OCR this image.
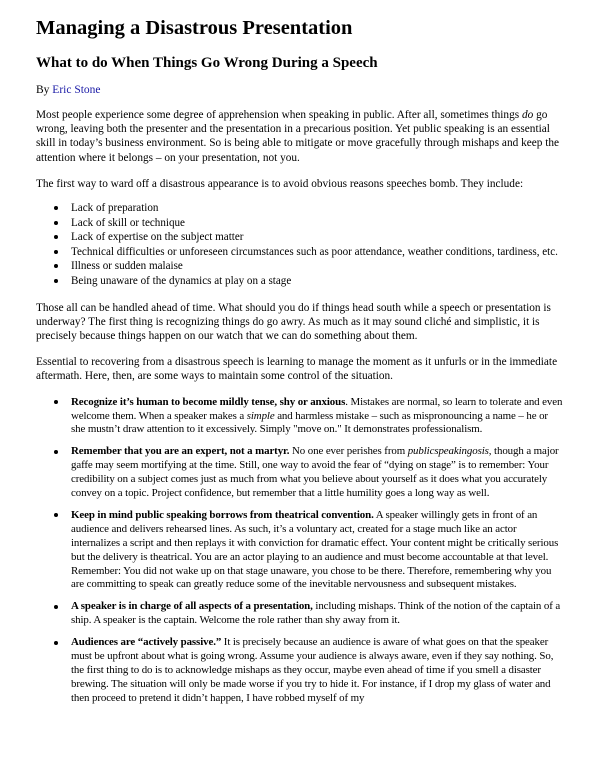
Managing a Disastrous Presentation
What to do When Things Go Wrong During a Speech
By Eric Stone

Most people experience some degree of apprehension when speaking in public. After all, sometimes things do go wrong, leaving both the presenter and the presentation in a precarious position. Yet public speaking is an essential skill in today’s business environment. So is being able to mitigate or move gracefully through mishaps and keep the attention where it belongs – on your presentation, not you.

The first way to ward off a disastrous appearance is to avoid obvious reasons speeches bomb. They include:

Lack of preparation
Lack of skill or technique
Lack of expertise on the subject matter
Technical difficulties or unforeseen circumstances such as poor attendance, weather conditions, tardiness, etc.
Illness or sudden malaise
Being unaware of the dynamics at play on a stage

Those all can be handled ahead of time. What should you do if things head south while a speech or presentation is underway? The first thing is recognizing things do go awry. As much as it may sound cliché and simplistic, it is precisely because things happen on our watch that we can do something about them.

Essential to recovering from a disastrous speech is learning to manage the moment as it unfurls or in the immediate aftermath. Here, then, are some ways to maintain some control of the situation.

Recognize it’s human to become mildly tense, shy or anxious. Mistakes are normal, so learn to tolerate and even welcome them. When a speaker makes a simple and harmless mistake – such as mispronouncing a name – he or she mustn’t draw attention to it excessively. Simply "move on." It demonstrates professionalism.
Remember that you are an expert, not a martyr. No one ever perishes from publicspeakingosis, though a major gaffe may seem mortifying at the time. Still, one way to avoid the fear of “dying on stage” is to remember: Your credibility on a subject comes just as much from what you believe about yourself as it does what you accurately convey on a topic. Project confidence, but remember that a little humility goes a long way as well.
Keep in mind public speaking borrows from theatrical convention. A speaker willingly gets in front of an audience and delivers rehearsed lines. As such, it’s a voluntary act, created for a stage much like an actor internalizes a script and then replays it with conviction for dramatic effect. Your content might be critically serious but the delivery is theatrical. You are an actor playing to an audience and must become accountable at that level. Remember: You did not wake up on that stage unaware, you chose to be there. Therefore, remembering why you are committing to speak can greatly reduce some of the inevitable nervousness and subsequent mistakes.
A speaker is in charge of all aspects of a presentation, including mishaps. Think of the notion of the captain of a ship. A speaker is the captain. Welcome the role rather than shy away from it.
Audiences are “actively passive.” It is precisely because an audience is aware of what goes on that the speaker must be upfront about what is going wrong. Assume your audience is always aware, even if they say nothing. So, the first thing to do is to acknowledge mishaps as they occur, maybe even ahead of time if you smell a disaster brewing. The situation will only be made worse if you try to hide it. For instance, if I drop my glass of water and then proceed to pretend it didn’t happen, I have robbed myself of my
